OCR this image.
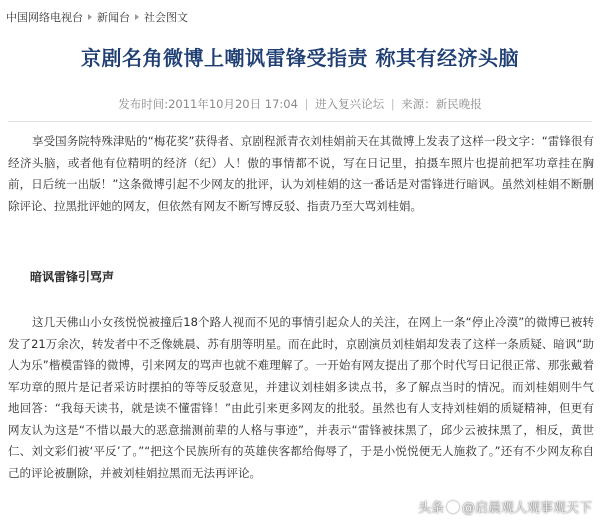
中国网络电视台 新闻台 社会图文
京剧名角微博上嘲讽雷锋受指责 称其有经济头脑
发布时间:2011年10月20日 17:04 | 进入复兴论坛 | 来源：新民晚报
享受国务院特殊津贴的“梅花奖”获得者、京剧程派青衣刘桂娟前天在其微博上发表了这样一段文字：“雷锋很有经济头脑，或者他有位精明的经济（纪）人！傲的事情都不说，写在日记里，拍摄车照片也提前把军功章挂在胸前，日后统一出版！”这条微博引起不少网友的批评，认为刘桂娟的这一番话是对雷锋进行暗讽。虽然刘桂娟不断删除评论、拉黑批评她的网友，但依然有网友不断写博反驳、指责乃至大骂刘桂娟。
暗讽雷锋引骂声
这几天佛山小女孩悦悦被撞后18个路人视而不见的事情引起众人的关注，在网上一条“停止冷漠”的微博已被转发了21万余次，转发者中不乏像姚晨、苏有朋等明星。而在此时，京剧演员刘桂娟却发表了这样一条质疑、暗讽“助人为乐”楷模雷锋的微博，引来网友的骂声也就不难理解了。一开始有网友提出了那个时代写日记很正常、那张戴着军功章的照片是记者采访时摆拍的等等反驳意见，并建议刘桂娟多读点书，多了解点当时的情况。而刘桂娟则牛气地回答：“我每天读书，就是读不懂雷锋！”由此引来更多网友的批驳。虽然也有人支持刘桂娟的质疑精神，但更有网友认为这是“不惜以最大的恶意揣测前辈的人格与事迹”，并表示“雷锋被抹黑了，邱少云被抹黑了，相反，黄世仁、刘文彩们被‘平反’了。”“把这个民族所有的英雄侠客都给侮辱了，于是小悦悦便无人施救了。”还有不少网友称自己的评论被删除，并被刘桂娟拉黑而无法再评论。
头条 @启晨观人观事观天下
